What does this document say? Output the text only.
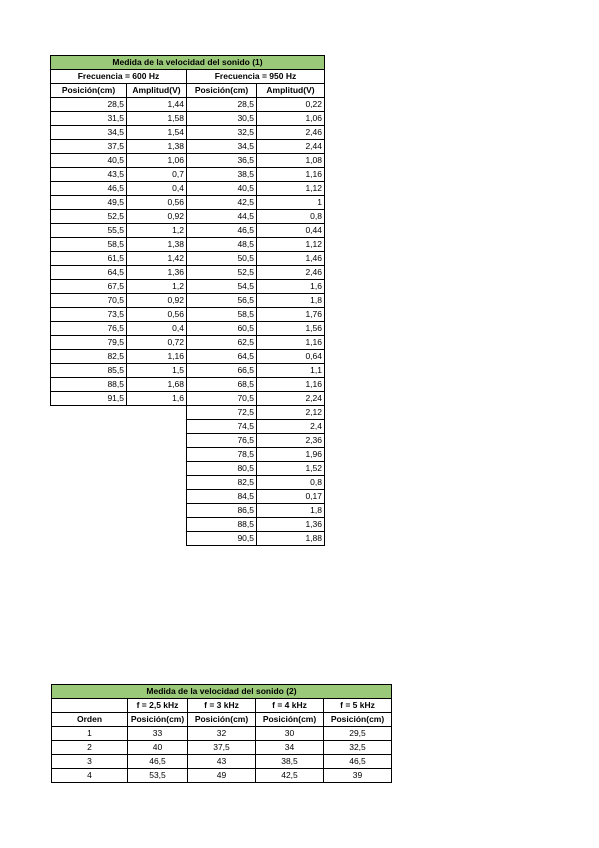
Medida de la velocidad del sonido (1)			
Frecuencia = 600 Hz		Frecuencia = 950 Hz	
Posición(cm)	Amplitud(V)	Posición(cm)	Amplitud(V)
28,5	1,44	28,5	0,22
31,5	1,58	30,5	1,06
34,5	1,54	32,5	2,46
37,5	1,38	34,5	2,44
40,5	1,06	36,5	1,08
43,5	0,7	38,5	1,16
46,5	0,4	40,5	1,12
49,5	0,56	42,5	1
52,5	0,92	44,5	0,8
55,5	1,2	46,5	0,44
58,5	1,38	48,5	1,12
61,5	1,42	50,5	1,46
64,5	1,36	52,5	2,46
67,5	1,2	54,5	1,6
70,5	0,92	56,5	1,8
73,5	0,56	58,5	1,76
76,5	0,4	60,5	1,56
79,5	0,72	62,5	1,16
82,5	1,16	64,5	0,64
85,5	1,5	66,5	1,1
88,5	1,68	68,5	1,16
91,5	1,6	70,5	2,24
		72,5	2,12
		74,5	2,4
		76,5	2,36
		78,5	1,96
		80,5	1,52
		82,5	0,8
		84,5	0,17
		86,5	1,8
		88,5	1,36
		90,5	1,88
Medida de la velocidad del sonido (2)				
	f = 2,5 kHz	f = 3 kHz	f = 4 kHz	f = 5 kHz
Orden	Posición(cm)	Posición(cm)	Posición(cm)	Posición(cm)
1	33	32	30	29,5
2	40	37,5	34	32,5
3	46,5	43	38,5	46,5
4	53,5	49	42,5	39
